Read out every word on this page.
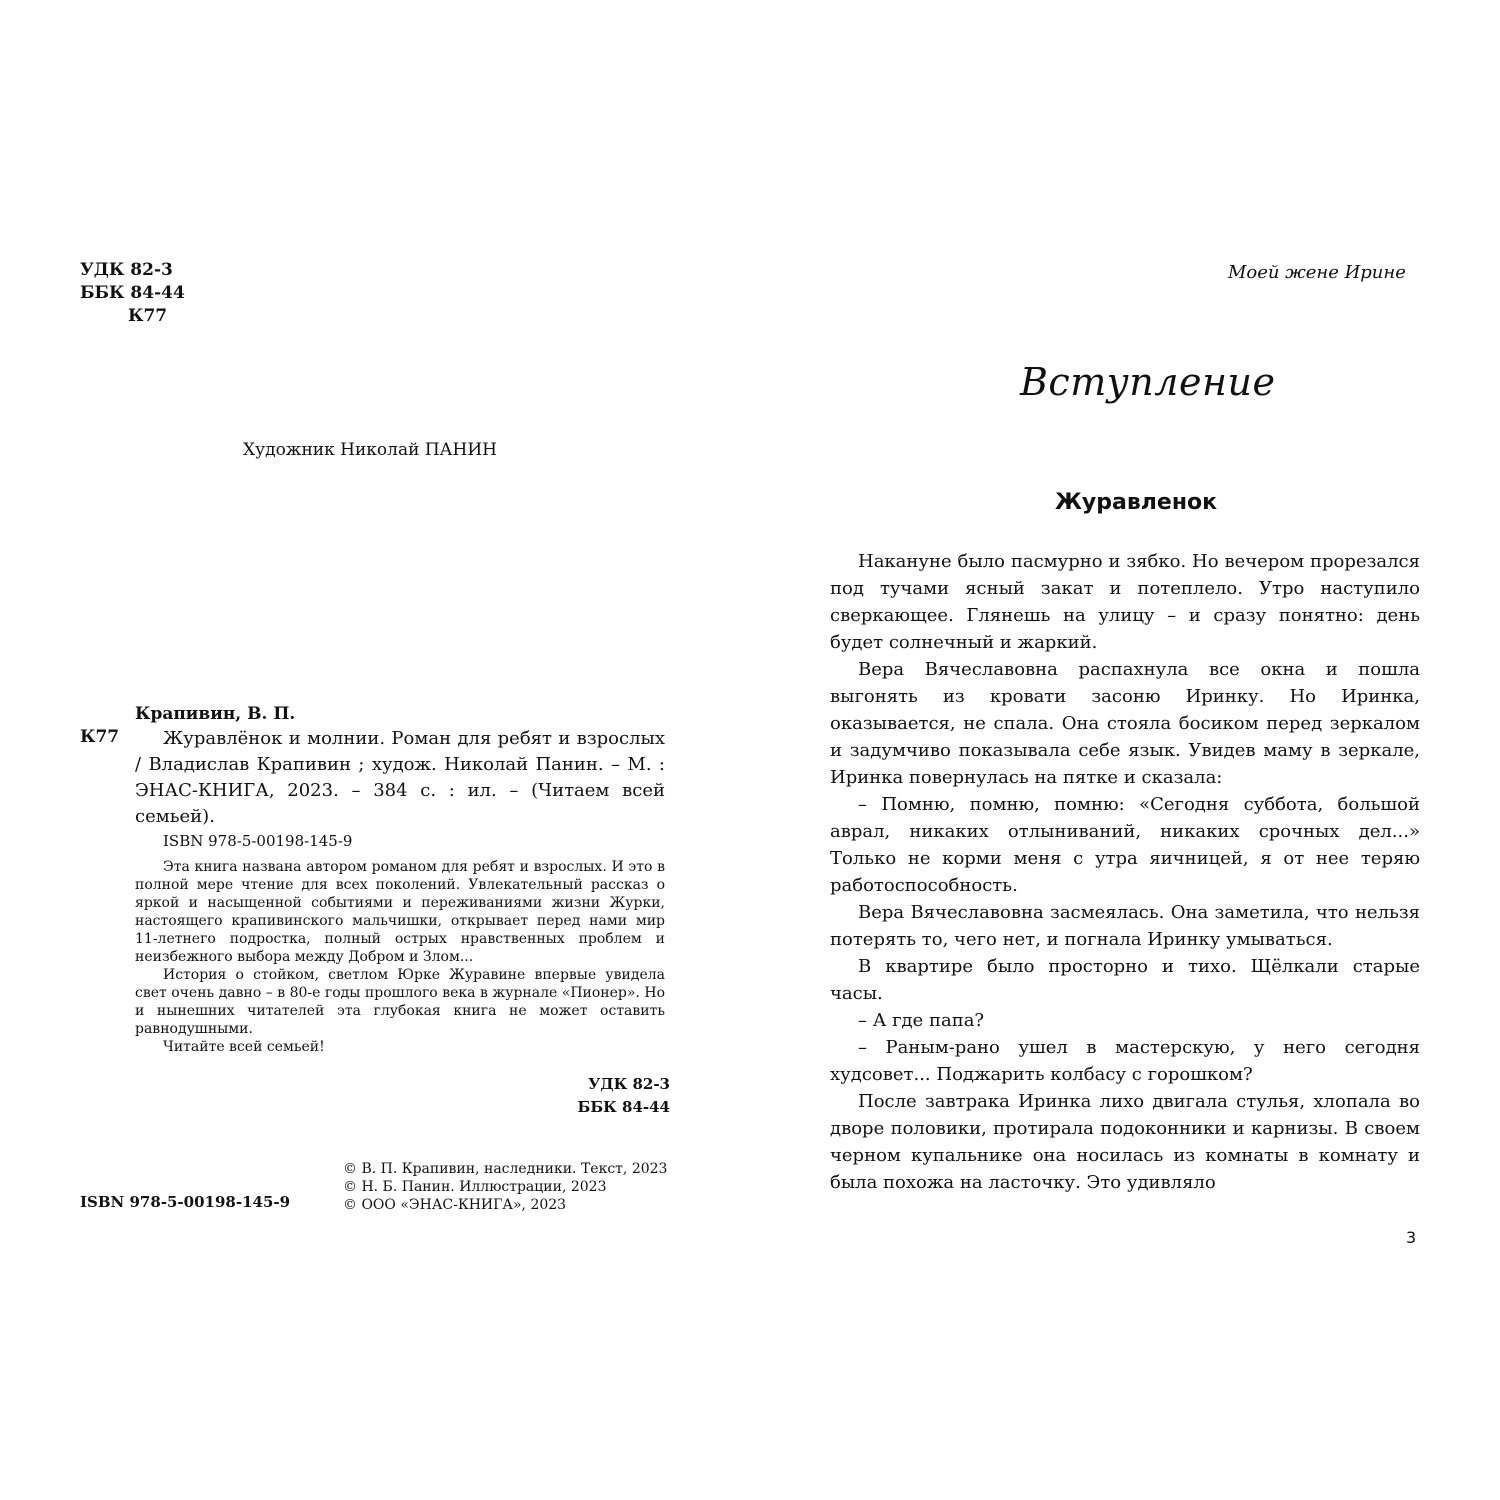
УДК 82-3
ББК 84-44
К77
Художник Николай ПАНИН
Крапивин, В. П.
К77	Журавлёнок и молнии. Роман для ребят и взрослых / Владислав Крапивин ; худож. Николай Панин. – М. : ЭНАС-КНИГА, 2023. – 384 с. : ил. – (Читаем всей семьей).

ISBN 978-5-00198-145-9

Эта книга названа автором романом для ребят и взрослых. И это в полной мере чтение для всех поколений. Увлекательный рассказ о яркой и насыщенной событиями и переживаниями жизни Журки, настоящего крапивинского мальчишки, открывает перед нами мир 11-летнего подростка, полный острых нравственных проблем и неизбежного выбора между Добром и Злом...

История о стойком, светлом Юрке Журавине впервые увидела свет очень давно – в 80-е годы прошлого века в журнале «Пионер». Но и нынешних читателей эта глубокая книга не может оставить равнодушными.

Читайте всей семьей!

УДК 82-3
ББК 84-44
© В. П. Крапивин, наследники. Текст, 2023
© Н. Б. Панин. Иллюстрации, 2023
© ООО «ЭНАС-КНИГА», 2023
ISBN 978-5-00198-145-9
Моей жене Ирине
Вступление
Журавленок

Накануне было пасмурно и зябко. Но вечером прорезался под тучами ясный закат и потеплело. Утро наступило сверкающее. Глянешь на улицу – и сразу понятно: день будет солнечный и жаркий.

Вера Вячеславовна распахнула все окна и пошла выгонять из кровати засоню Иринку. Но Иринка, оказывается, не спала. Она стояла босиком перед зеркалом и задумчиво показывала себе язык. Увидев маму в зеркале, Иринка повернулась на пятке и сказала:

– Помню, помню, помню: «Сегодня суббота, большой аврал, никаких отлыниваний, никаких срочных дел...» Только не корми меня с утра яичницей, я от нее теряю работоспособность.

Вера Вячеславовна засмеялась. Она заметила, что нельзя потерять то, чего нет, и погнала Иринку умываться.

В квартире было просторно и тихо. Щёлкали старые часы.

– А где папа?

– Раным-рано ушел в мастерскую, у него сегодня худсовет... Поджарить колбасу с горошком?

После завтрака Иринка лихо двигала стулья, хлопала во дворе половики, протирала подоконники и карнизы. В своем черном купальнике она носилась из комнаты в комнату и была похожа на ласточку. Это удивляло

3
